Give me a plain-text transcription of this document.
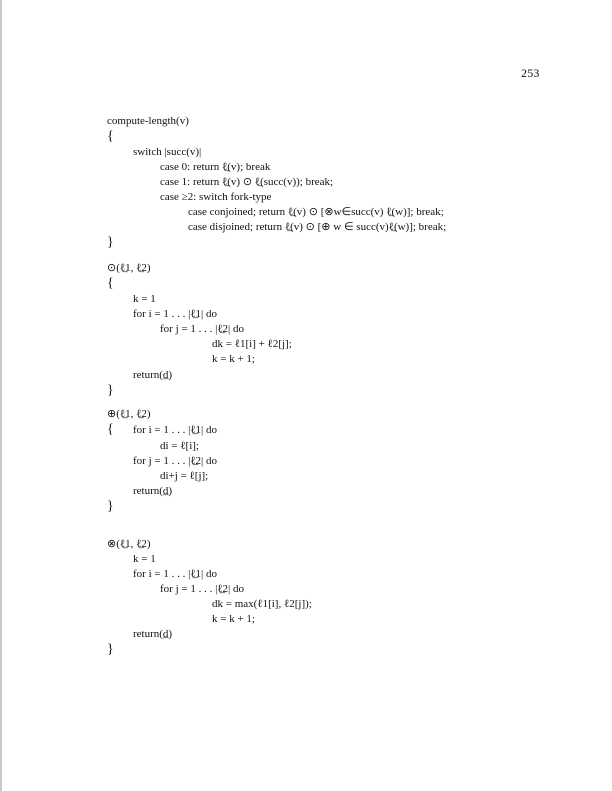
253
compute-length(v)
{
switch |succ(v)|
case 0: return ℓ̲(v); break
case 1: return ℓ̲(v) ⊙ ℓ̲(succ(v)); break;
case ≥2: switch fork-type
case conjoined; return ℓ̲(v) ⊙ [⊗w∈succ(v) ℓ̲(w)]; break;
case disjoined; return ℓ̲(v) ⊙ [⊕ w ∈ succ(v)ℓ̲(w)]; break;
}
⊙(ℓ̲1, ℓ̲2)
{
k = 1
for i = 1 . . . |ℓ̲1| do
for j = 1 . . . |ℓ̲2| do
dk = ℓ1[i] + ℓ2[j];
k = k + 1;
return(d̲)
}
⊕(ℓ̲1, ℓ̲2)
{ for i = 1 . . . |ℓ̲1| do
di = ℓ[i];
for j = 1 . . . |ℓ̲2| do
di+j = ℓ[j];
return(d̲)
}
⊗(ℓ̲1, ℓ̲2)
k = 1
for i = 1 . . . |ℓ̲1| do
for j = 1 . . . |ℓ̲2| do
dk = max(ℓ1[i], ℓ2[j]);
k = k + 1;
return(d̲)
}
